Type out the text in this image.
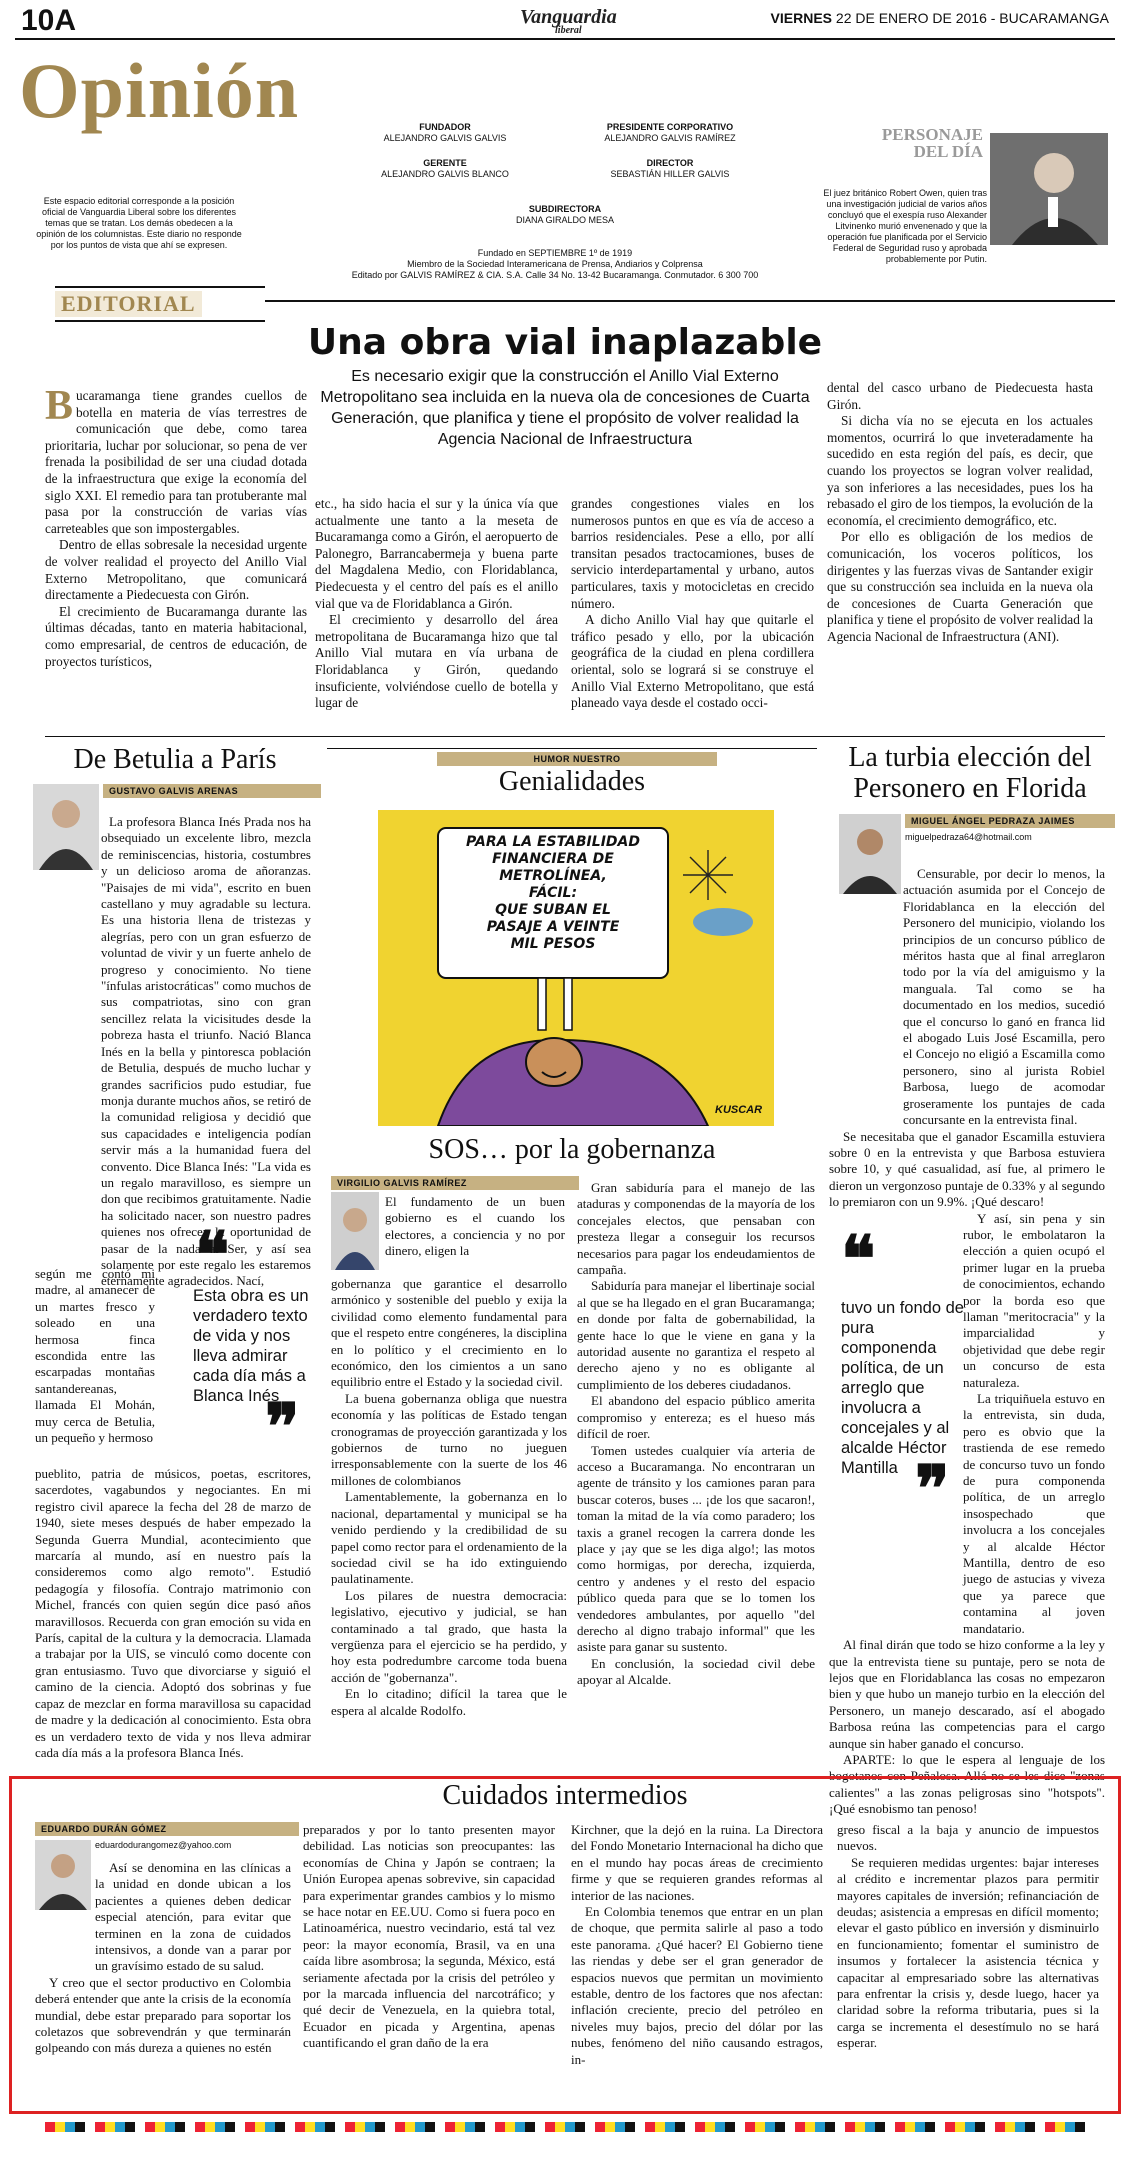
10A	Vanguardia
liberal
VIERNES 22 DE ENERO DE 2016 - BUCARAMANGA
Opinión
Este espacio editorial corresponde a la posición oficial de Vanguardia Liberal sobre los diferentes temas que se tratan. Los demás obedecen a la opinión de los columnistas. Este diario no responde por los puntos de vista que ahí se expresen.
FUNDADOR
ALEJANDRO GALVIS GALVIS
PRESIDENTE CORPORATIVO
ALEJANDRO GALVIS RAMÍREZ
GERENTE
ALEJANDRO GALVIS BLANCO
DIRECTOR
SEBASTIÁN HILLER GALVIS
SUBDIRECTORA
DIANA GIRALDO MESA
Fundado en SEPTIEMBRE 1º de 1919
Miembro de la Sociedad Interamericana de Prensa, Andiarios y Colprensa
Editado por GALVIS RAMÍREZ & CIA. S.A. Calle 34 No. 13-42 Bucaramanga. Conmutador. 6 300 700
PERSONAJE DEL DÍA
El juez británico Robert Owen, quien tras una investigación judicial de varios años concluyó que el exespía ruso Alexander Litvinenko murió envenenado y que la operación fue planificada por el Servicio Federal de Seguridad ruso y aprobada probablemente por Putin.
EDITORIAL
Una obra vial inaplazable
Es necesario exigir que la construcción el Anillo Vial Externo Metropolitano sea incluida en la nueva ola de concesiones de Cuarta Generación, que planifica y tiene el propósito de volver realidad la Agencia Nacional de Infraestructura

Bucaramanga tiene grandes cuellos de botella en materia de vías terrestres de comunicación que debe, como tarea prioritaria, luchar por solucionar, so pena de ver frenada la posibilidad de ser una ciudad dotada de la infraestructura que exige la economía del siglo XXI. El remedio para tan protuberante mal pasa por la construcción de varias vías carreteables que son impostergables.

Dentro de ellas sobresale la necesidad urgente de volver realidad el proyecto del Anillo Vial Externo Metropolitano, que comunicará directamente a Piedecuesta con Girón.

El crecimiento de Bucaramanga durante las últimas décadas, tanto en materia habitacional, como empresarial, de centros de educación, de proyectos turísticos,

etc., ha sido hacia el sur y la única vía que actualmente une tanto a la meseta de Bucaramanga como a Girón, el aeropuerto de Palonegro, Barrancabermeja y buena parte del Magdalena Medio, con Floridablanca, Piedecuesta y el centro del país es el anillo vial que va de Floridablanca a Girón.

El crecimiento y desarrollo del área metropolitana de Bucaramanga hizo que tal Anillo Vial mutara en vía urbana de Floridablanca y Girón, quedando insuficiente, volviéndose cuello de botella y lugar de

grandes congestiones viales en los numerosos puntos en que es vía de acceso a barrios residenciales. Pese a ello, por allí transitan pesados tractocamiones, buses de servicio interdepartamental y urbano, autos particulares, taxis y motocicletas en crecido número.

A dicho Anillo Vial hay que quitarle el tráfico pesado y ello, por la ubicación geográfica de la ciudad en plena cordillera oriental, solo se logrará si se construye el Anillo Vial Externo Metropolitano, que está planeado vaya desde el costado occi-

dental del casco urbano de Piedecuesta hasta Girón.

Si dicha vía no se ejecuta en los actuales momentos, ocurrirá lo que inveteradamente ha sucedido en esta región del país, es decir, que cuando los proyectos se logran volver realidad, ya son inferiores a las necesidades, pues los ha rebasado el giro de los tiempos, la evolución de la economía, el crecimiento demográfico, etc.

Por ello es obligación de los medios de comunicación, los voceros políticos, los dirigentes y las fuerzas vivas de Santander exigir que su construcción sea incluida en la nueva ola de concesiones de Cuarta Generación que planifica y tiene el propósito de volver realidad la Agencia Nacional de Infraestructura (ANI).

De Betulia a París
GUSTAVO GALVIS ARENAS

La profesora Blanca Inés Prada nos ha obsequiado un excelente libro, mezcla de reminiscencias, historia, costumbres y un delicioso aroma de añoranzas. "Paisajes de mi vida", escrito en buen castellano y muy agradable su lectura. Es una historia llena de tristezas y alegrías, pero con un gran esfuerzo de voluntad de vivir y un fuerte anhelo de progreso y conocimiento. No tiene "ínfulas aristocráticas" como muchos de sus compatriotas, sino con gran sencillez relata la vicisitudes desde la pobreza hasta el triunfo. Nació Blanca Inés en la bella y pintoresca población de Betulia, después de mucho luchar y grandes sacrificios pudo estudiar, fue monja durante muchos años, se retiró de la comunidad religiosa y decidió que sus capacidades e inteligencia podían servir más a la humanidad fuera del convento. Dice Blanca Inés: "La vida es un regalo maravilloso, es siempre un don que recibimos gratuitamente. Nadie ha solicitado nacer, son nuestro padres quienes nos ofrecen la oportunidad de pasar de la nada al Ser, y así sea solamente por este regalo les estaremos eternamente agradecidos. Nací,

según me contó mi madre, al amanecer de un martes fresco y soleado en una hermosa finca escondida entre las escarpadas montañas santandereanas, llamada El Mohán, muy cerca de Betulia, un pequeño y hermoso

❝
Esta obra es un verdadero texto de vida y nos lleva admirar cada día más a Blanca Inés
❞

pueblito, patria de músicos, poetas, escritores, sacerdotes, vagabundos y negociantes. En mi registro civil aparece la fecha del 28 de marzo de 1940, siete meses después de haber empezado la Segunda Guerra Mundial, acontecimiento que marcaría al mundo, así en nuestro país la consideremos como algo remoto". Estudió pedagogía y filosofía. Contrajo matrimonio con Michel, francés con quien según dice pasó años maravillosos. Recuerda con gran emoción su vida en París, capital de la cultura y la democracia. Llamada a trabajar por la UIS, se vinculó como docente con gran entusiasmo. Tuvo que divorciarse y siguió el camino de la ciencia. Adoptó dos sobrinas y fue capaz de mezclar en forma maravillosa su capacidad de madre y la dedicación al conocimiento. Esta obra es un verdadero texto de vida y nos lleva admirar cada día más a la profesora Blanca Inés.

HUMOR NUESTRO
Genialidades
PARA LA ESTABILIDAD
FINANCIERA DE
METROLÍNEA,
FÁCIL:
QUE SUBAN EL
PASAJE A VEINTE
MIL PESOS
KUSCAR
SOS… por la gobernanza
VIRGILIO GALVIS RAMÍREZ

El fundamento de un buen gobierno es el cuando los electores, a conciencia y no por dinero, eligen la

gobernanza que garantice el desarrollo armónico y sostenible del pueblo y exija la civilidad como elemento fundamental para que el respeto entre congéneres, la disciplina en lo político y el crecimiento en lo económico, den los cimientos a un sano equilibrio entre el Estado y la sociedad civil.

La buena gobernanza obliga que nuestra economía y las políticas de Estado tengan cronogramas de proyección garantizada y los gobiernos de turno no jueguen irresponsablemente con la suerte de los 46 millones de colombianos

Lamentablemente, la gobernanza en lo nacional, departamental y municipal se ha venido perdiendo y la credibilidad de su papel como rector para el ordenamiento de la sociedad civil se ha ido extinguiendo paulatinamente.

Los pilares de nuestra democracia: legislativo, ejecutivo y judicial, se han contaminado a tal grado, que hasta la vergüenza para el ejercicio se ha perdido, y hoy esta podredumbre carcome toda buena acción de "gobernanza".

En lo citadino; difícil la tarea que le espera al alcalde Rodolfo.

Gran sabiduría para el manejo de las ataduras y componendas de la mayoría de los concejales electos, que pensaban con presteza llegar a conseguir los recursos necesarios para pagar los endeudamientos de campaña.

Sabiduría para manejar el libertinaje social al que se ha llegado en el gran Bucaramanga; en donde por falta de gobernabilidad, la gente hace lo que le viene en gana y la autoridad ausente no garantiza el respeto al derecho ajeno y no es obligante al cumplimiento de los deberes ciudadanos.

El abandono del espacio público amerita compromiso y entereza; es el hueso más difícil de roer.

Tomen ustedes cualquier vía arteria de acceso a Bucaramanga. No encontraran un agente de tránsito y los camiones paran para buscar coteros, buses ... ¡de los que sacaron!, toman la mitad de la vía como paradero; los taxis a granel recogen la carrera donde les place y ¡ay que se les diga algo!; las motos como hormigas, por derecha, izquierda, centro y andenes y el resto del espacio público queda para que se lo tomen los vendedores ambulantes, por aquello "del derecho al digno trabajo informal" que les asiste para ganar su sustento.

En conclusión, la sociedad civil debe apoyar al Alcalde.

La turbia elección del Personero en Florida
MIGUEL ÁNGEL PEDRAZA JAIMES
miguelpedraza64@hotmail.com

Censurable, por decir lo menos, la actuación asumida por el Concejo de Floridablanca en la elección del Personero del municipio, violando los principios de un concurso público de méritos hasta que al final arreglaron todo por la vía del amiguismo y la manguala. Tal como se ha documentado en los medios, sucedió que el concurso lo ganó en franca lid el abogado Luis José Escamilla, pero el Concejo no eligió a Escamilla como personero, sino al jurista Robiel Barbosa, luego de acomodar groseramente los puntajes de cada concursante en la entrevista final.

Se necesitaba que el ganador Escamilla estuviera sobre 0 en la entrevista y que Barbosa estuviera sobre 10, y qué casualidad, así fue, al primero le dieron un vergonzoso puntaje de 0.33% y al segundo lo premiaron con un 9.9%. ¡Qué descaro!

Y así, sin pena y sin rubor, le embolataron la elección a quien ocupó el primer lugar en la prueba de conocimientos, echando por la borda eso que llaman "meritocracia" y la imparcialidad y objetividad que debe regir un concurso de esta naturaleza.

La triquiñuela estuvo en la entrevista, sin duda, pero es obvio que la trastienda de ese remedo de concurso tuvo un fondo de pura componenda política, de un arreglo insospechado que involucra a los concejales y al alcalde Héctor Mantilla, dentro de eso juego de astucias y viveza que ya parece que contamina al joven mandatario.

Al final dirán que todo se hizo conforme a la ley y que la entrevista tiene su puntaje, pero se nota de lejos que en Floridablanca las cosas no empezaron bien y que hubo un manejo turbio en la elección del Personero, un manejo descarado, así el abogado Barbosa reúna las competencias para el cargo aunque sin haber ganado el concurso.

APARTE: lo que le espera al lenguaje de los bogotanos con Peñalosa. Allá no se les dice "zonas calientes" a las zonas peligrosas sino "hotspots". ¡Qué esnobismo tan penoso!

❝
tuvo un fondo de pura componenda política, de un arreglo que involucra a concejales y al alcalde Héctor Mantilla ❞
Cuidados intermedios
EDUARDO DURÁN GÓMEZ
eduardodurangomez@yahoo.com

Así se denomina en las clínicas a la unidad en donde ubican a los pacientes a quienes deben dedicar especial atención, para evitar que terminen en la zona de cuidados intensivos, a donde van a parar por un gravísimo estado de su salud.

Y creo que el sector productivo en Colombia deberá entender que ante la crisis de la economía mundial, debe estar preparado para soportar los coletazos que sobrevendrán y que terminarán golpeando con más dureza a quienes no estén

preparados y por lo tanto presenten mayor debilidad. Las noticias son preocupantes: las economías de China y Japón se contraen; la Unión Europea apenas sobrevive, sin capacidad para experimentar grandes cambios y lo mismo se hace notar en EE.UU. Como si fuera poco en Latinoamérica, nuestro vecindario, está tal vez peor: la mayor economía, Brasil, va en una caída libre asombrosa; la segunda, México, está seriamente afectada por la crisis del petróleo y por la marcada influencia del narcotráfico; y qué decir de Venezuela, en la quiebra total, Ecuador en picada y Argentina, apenas cuantificando el gran daño de la era

Kirchner, que la dejó en la ruina. La Directora del Fondo Monetario Internacional ha dicho que en el mundo hay pocas áreas de crecimiento firme y que se requieren grandes reformas al interior de las naciones.

En Colombia tenemos que entrar en un plan de choque, que permita salirle al paso a todo este panorama. ¿Qué hacer? El Gobierno tiene las riendas y debe ser el gran generador de espacios nuevos que permitan un movimiento estable, dentro de los factores que nos afectan: inflación creciente, precio del petróleo en niveles muy bajos, precio del dólar por las nubes, fenómeno del niño causando estragos, in-

greso fiscal a la baja y anuncio de impuestos nuevos.

Se requieren medidas urgentes: bajar intereses al crédito e incrementar plazos para permitir mayores capitales de inversión; refinanciación de deudas; asistencia a empresas en difícil momento; elevar el gasto público en inversión y disminuirlo en funcionamiento; fomentar el suministro de insumos y fortalecer la asistencia técnica y capacitar al empresariado sobre las alternativas para enfrentar la crisis y, desde luego, hacer ya claridad sobre la reforma tributaria, pues si la carga se incrementa el desestímulo no se hará esperar.
